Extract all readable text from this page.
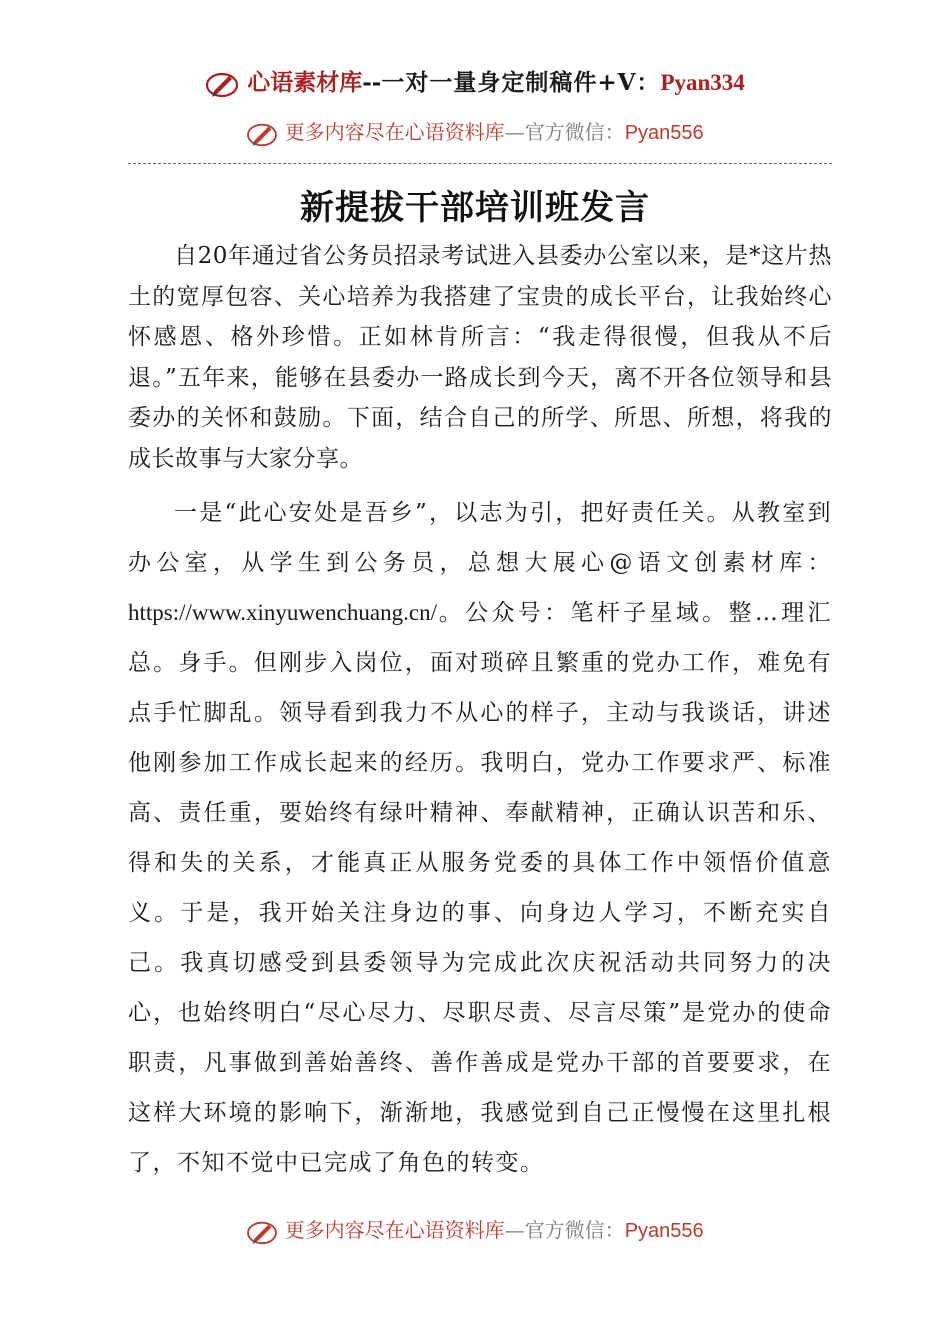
心语素材库--一对一量身定制稿件+V：Pyan334
更多内容尽在心语资料库—官方微信：Pyan556
新提拔干部培训班发言

自20年通过省公务员招录考试进入县委办公室以来，是*这片热土的宽厚包容、关心培养为我搭建了宝贵的成长平台，让我始终心怀感恩、格外珍惜。正如林肯所言：“我走得很慢，但我从不后退。”五年来，能够在县委办一路成长到今天，离不开各位领导和县委办的关怀和鼓励。下面，结合自己的所学、所思、所想，将我的成长故事与大家分享。

一是“此心安处是吾乡”，以志为引，把好责任关。从教室到办公室，从学生到公务员，总想大展心@语文创素材库：https://www.xinyuwenchuang.cn/。公众号：笔杆子星域。整…理汇总。身手。但刚步入岗位，面对琐碎且繁重的党办工作，难免有点手忙脚乱。领导看到我力不从心的样子，主动与我谈话，讲述他刚参加工作成长起来的经历。我明白，党办工作要求严、标准高、责任重，要始终有绿叶精神、奉献精神，正确认识苦和乐、得和失的关系，才能真正从服务党委的具体工作中领悟价值意义。于是，我开始关注身边的事、向身边人学习，不断充实自己。我真切感受到县委领导为完成此次庆祝活动共同努力的决心，也始终明白“尽心尽力、尽职尽责、尽言尽策”是党办的使命职责，凡事做到善始善终、善作善成是党办干部的首要要求，在这样大环境的影响下，渐渐地，我感觉到自己正慢慢在这里扎根了，不知不觉中已完成了角色的转变。

更多内容尽在心语资料库—官方微信：Pyan556
